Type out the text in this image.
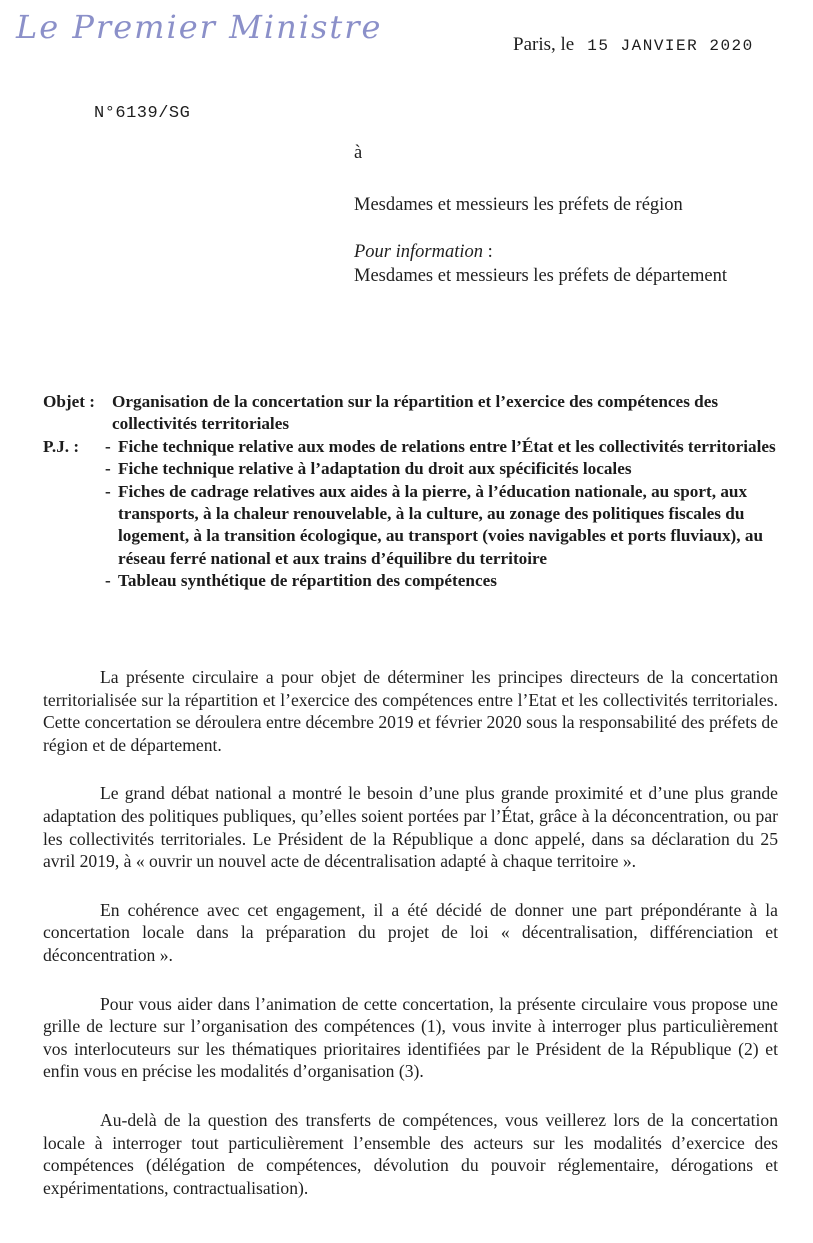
Le Premier Ministre	Paris, le 15 JANVIER 2020
N°6139/SG
à
Mesdames et messieurs les préfets de région
Pour information :
Mesdames et messieurs les préfets de département
Objet : Organisation de la concertation sur la répartition et l’exercice des compétences des collectivités territoriales
P.J. :	- Fiche technique relative aux modes de relations entre l’État et les collectivités territoriales
- Fiche technique relative à l’adaptation du droit aux spécificités locales
- Fiches de cadrage relatives aux aides à la pierre, à l’éducation nationale, au sport, aux transports, à la chaleur renouvelable, à la culture, au zonage des politiques fiscales du logement, à la transition écologique, au transport (voies navigables et ports fluviaux), au réseau ferré national et aux trains d’équilibre du territoire
- Tableau synthétique de répartition des compétences

La présente circulaire a pour objet de déterminer les principes directeurs de la concertation territorialisée sur la répartition et l’exercice des compétences entre l’Etat et les collectivités territoriales. Cette concertation se déroulera entre décembre 2019 et février 2020 sous la responsabilité des préfets de région et de département.

Le grand débat national a montré le besoin d’une plus grande proximité et d’une plus grande adaptation des politiques publiques, qu’elles soient portées par l’État, grâce à la déconcentration, ou par les collectivités territoriales. Le Président de la République a donc appelé, dans sa déclaration du 25 avril 2019, à « ouvrir un nouvel acte de décentralisation adapté à chaque territoire ».

En cohérence avec cet engagement, il a été décidé de donner une part prépondérante à la concertation locale dans la préparation du projet de loi « décentralisation, différenciation et déconcentration ».

Pour vous aider dans l’animation de cette concertation, la présente circulaire vous propose une grille de lecture sur l’organisation des compétences (1), vous invite à interroger plus particulièrement vos interlocuteurs sur les thématiques prioritaires identifiées par le Président de la République (2) et enfin vous en précise les modalités d’organisation (3).

Au-delà de la question des transferts de compétences, vous veillerez lors de la concertation locale à interroger tout particulièrement l’ensemble des acteurs sur les modalités d’exercice des compétences (délégation de compétences, dévolution du pouvoir réglementaire, dérogations et expérimentations, contractualisation).
